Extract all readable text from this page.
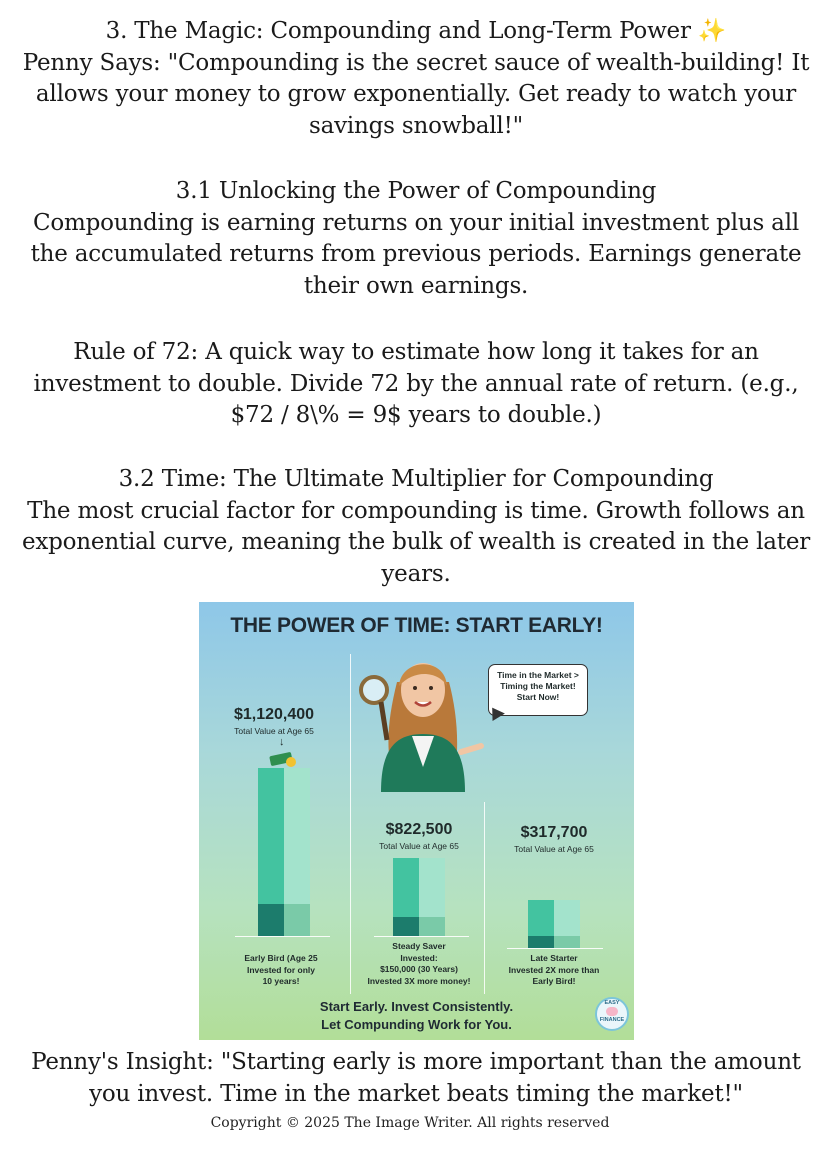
3. The Magic: Compounding and Long-Term Power ✨

Penny Says: "Compounding is the secret sauce of wealth-building! It allows your money to grow exponentially. Get ready to watch your savings snowball!"

3.1 Unlocking the Power of Compounding

Compounding is earning returns on your initial investment plus all the accumulated returns from previous periods. Earnings generate their own earnings.

Rule of 72: A quick way to estimate how long it takes for an investment to double. Divide 72 by the annual rate of return. (e.g., $72 / 8\% = 9$ years to double.)

3.2 Time: The Ultimate Multiplier for Compounding

The most crucial factor for compounding is time. Growth follows an exponential curve, meaning the bulk of wealth is created in the later years.

THE POWER OF TIME: START EARLY!
Time in the Market >
Timing the Market!
Start Now!
$1,120,400
Total Value at Age 65
↓
Early Bird (Age 25
Invested for only
10 years!
$822,500
Total Value at Age 65
Steady Saver
Invested:
$150,000 (30 Years)
Invested 3X more money!
$317,700
Total Value at Age 65
Late Starter
Invested 2X more than
Early Bird!
Start Early. Invest Consistently.
Let Compunding Work for You.
EASY
FINANCE

Penny's Insight: "Starting early is more important than the amount you invest. Time in the market beats timing the market!"

Copyright © 2025 The Image Writer. All rights reserved
